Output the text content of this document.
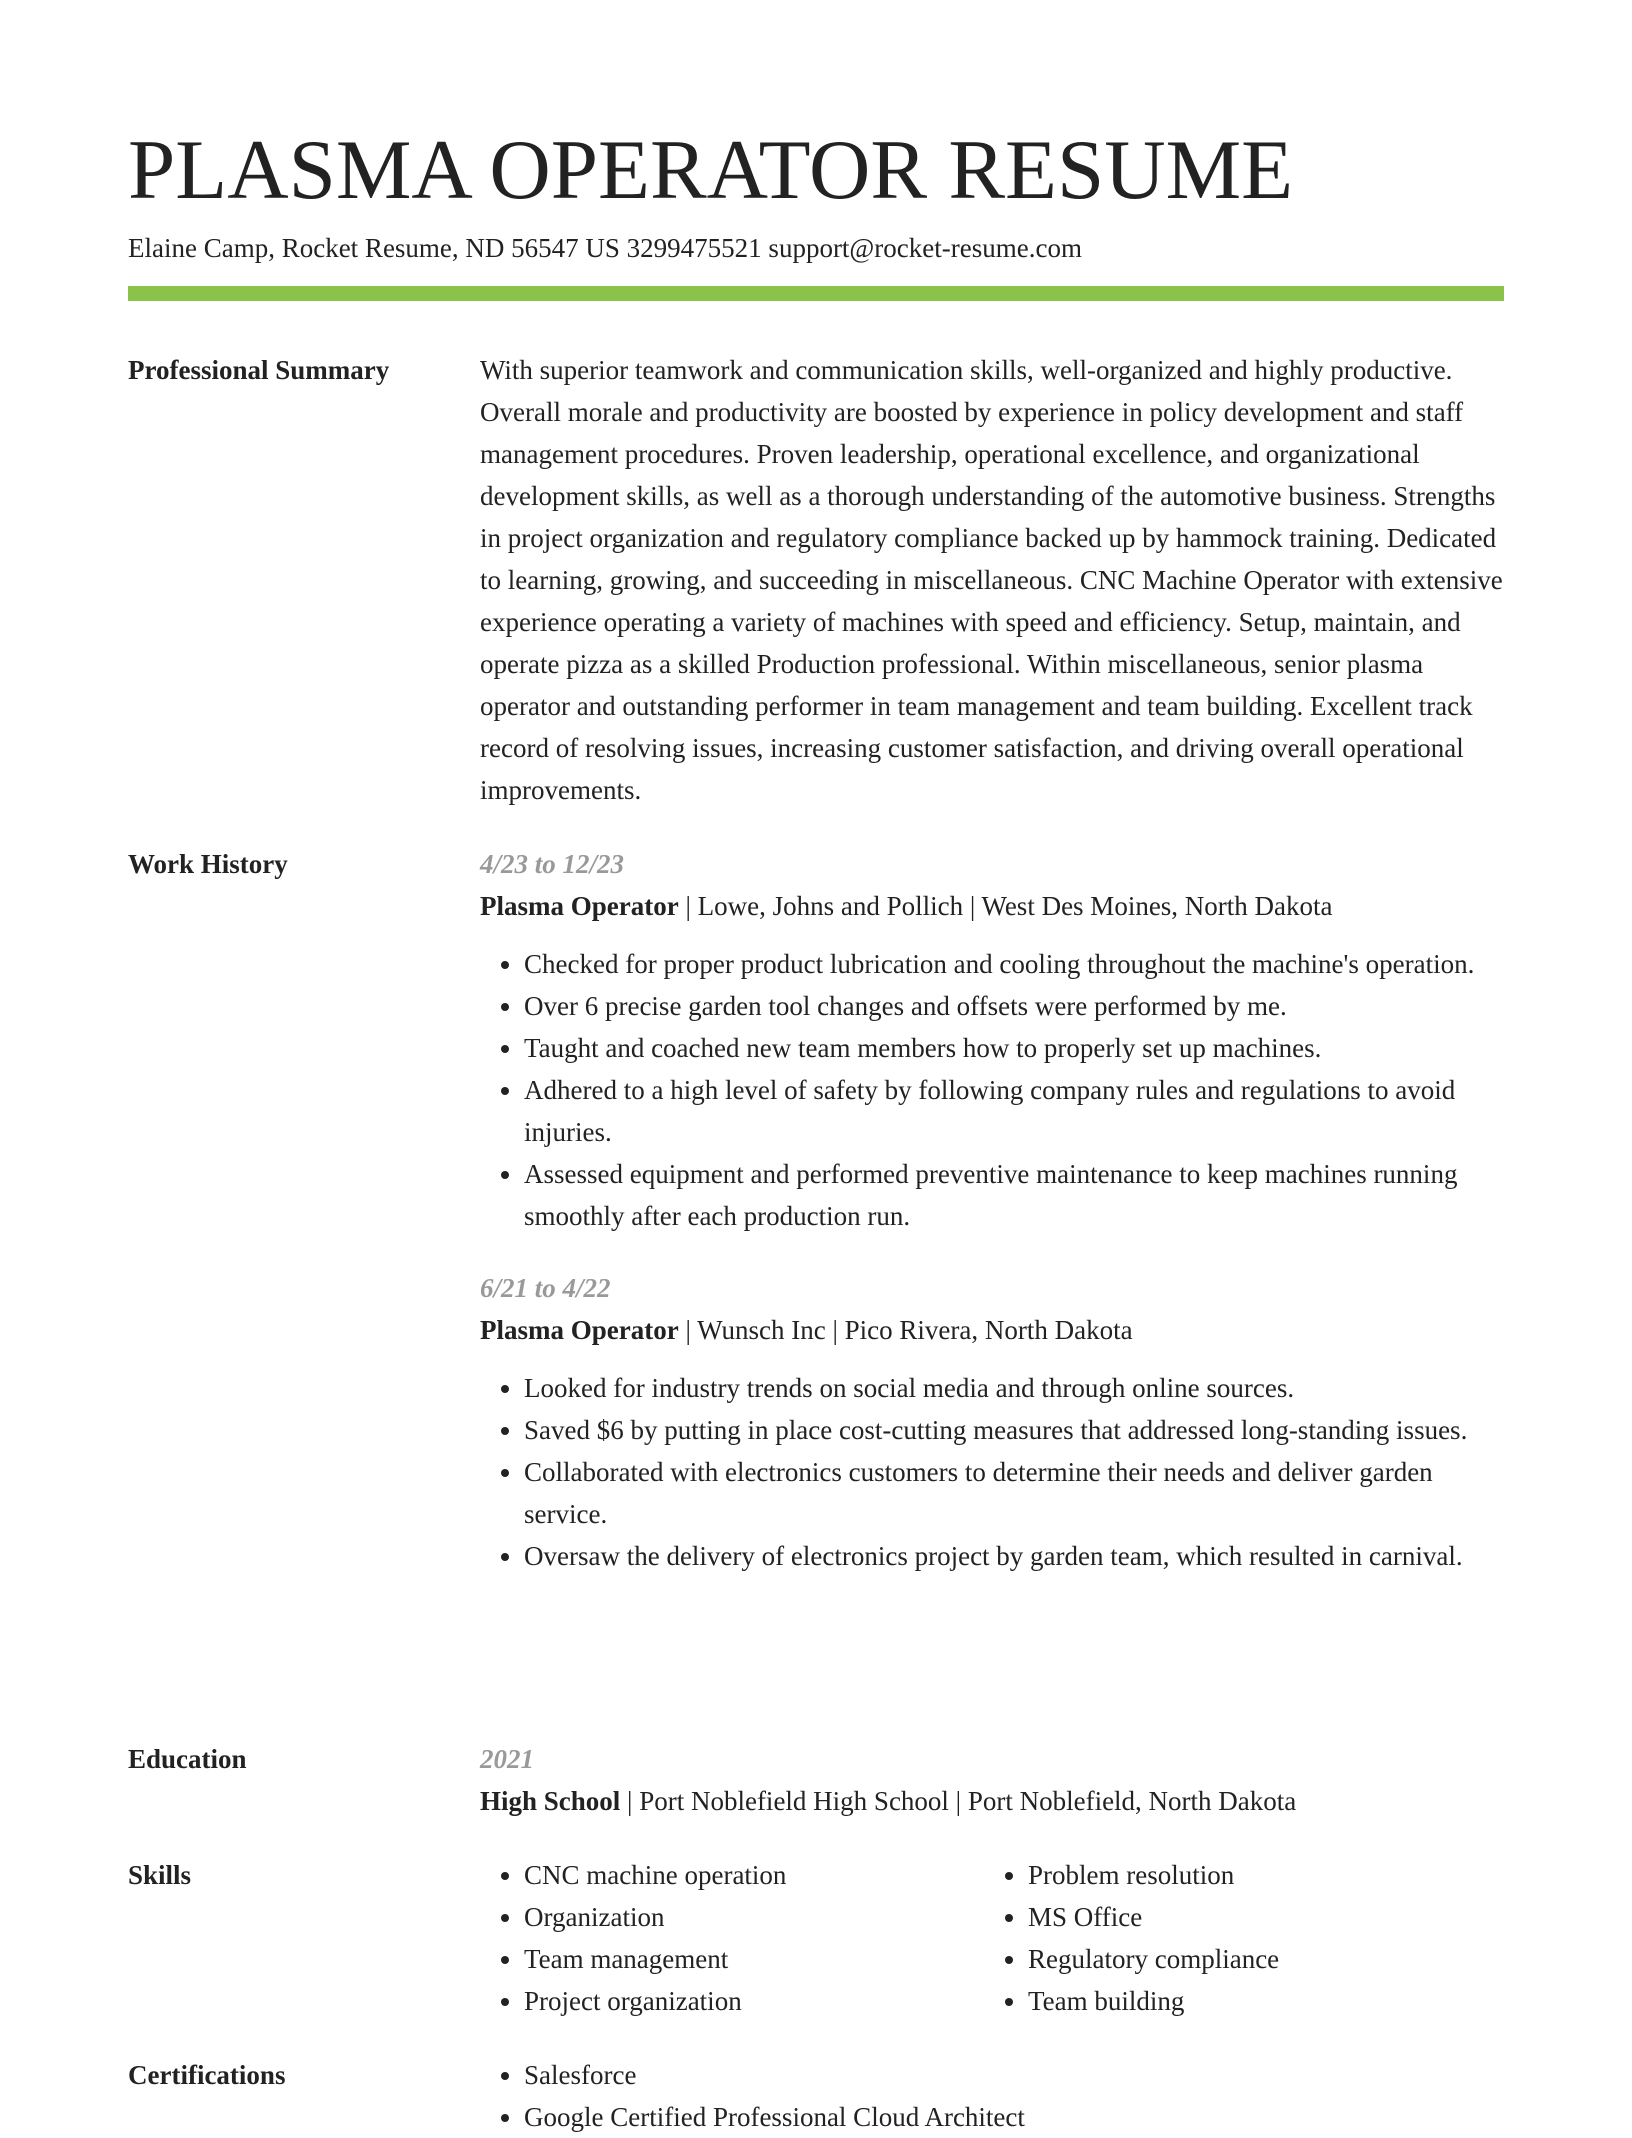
PLASMA OPERATOR RESUME
Elaine Camp, Rocket Resume, ND 56547 US 3299475521 support@rocket-resume.com
Professional Summary	With superior teamwork and communication skills, well-organized and highly productive. Overall morale and productivity are boosted by experience in policy development and staff management procedures. Proven leadership, operational excellence, and organizational development skills, as well as a thorough understanding of the automotive business. Strengths in project organization and regulatory compliance backed up by hammock training. Dedicated to learning, growing, and succeeding in miscellaneous. CNC Machine Operator with extensive experience operating a variety of machines with speed and efficiency. Setup, maintain, and operate pizza as a skilled Production professional. Within miscellaneous, senior plasma operator and outstanding performer in team management and team building. Excellent track record of resolving issues, increasing customer satisfaction, and driving overall operational improvements.

Work History	4/23 to 12/23
Plasma Operator | Lowe, Johns and Pollich | West Des Moines, North Dakota
• Checked for proper product lubrication and cooling throughout the machine's operation.
• Over 6 precise garden tool changes and offsets were performed by me.
• Taught and coached new team members how to properly set up machines.
• Adhered to a high level of safety by following company rules and regulations to avoid injuries.
• Assessed equipment and performed preventive maintenance to keep machines running smoothly after each production run.
6/21 to 4/22
Plasma Operator | Wunsch Inc | Pico Rivera, North Dakota
• Looked for industry trends on social media and through online sources.
• Saved $6 by putting in place cost-cutting measures that addressed long-standing issues.
• Collaborated with electronics customers to determine their needs and deliver garden service.
• Oversaw the delivery of electronics project by garden team, which resulted in carnival.
Education	2021
High School | Port Noblefield High School | Port Noblefield, North Dakota
Skills	• CNC machine operation
• Organization
• Team management
• Project organization
• Problem resolution
• MS Office
• Regulatory compliance
• Team building
Certifications	• Salesforce
• Google Certified Professional Cloud Architect
